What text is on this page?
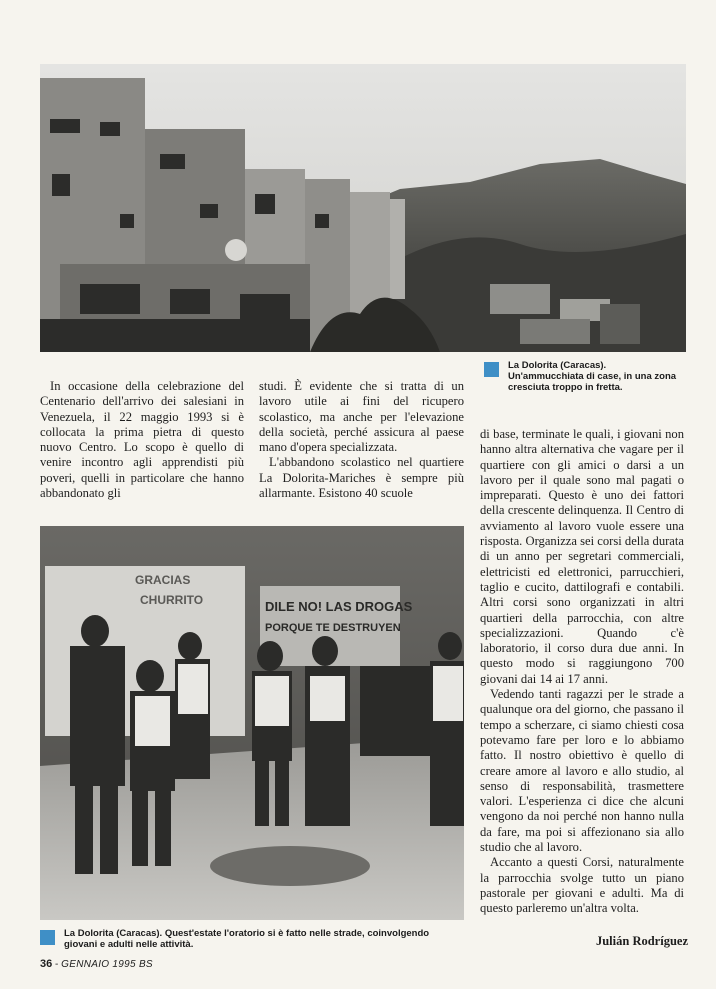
La Dolorita (Caracas).
Un'ammucchiata di case, in una zona cresciuta troppo in fretta.

In occasione della celebrazione del Centenario dell'arrivo dei salesiani in Venezuela, il 22 maggio 1993 si è collocata la prima pietra di questo nuovo Centro. Lo scopo è quello di venire incontro agli apprendisti più poveri, quelli in particolare che hanno abbandonato gli

studi. È evidente che si tratta di un lavoro utile ai fini del ricupero scolastico, ma anche per l'elevazione della società, perché assicura al paese mano d'opera specializzata.

L'abbandono scolastico nel quartiere La Dolorita-Mariches è sempre più allarmante. Esistono 40 scuole

GRACIAS
CHURRITO	DILE NO! LAS DROGAS
PORQUE TE DESTRUYEN

di base, terminate le quali, i giovani non hanno altra alternativa che vagare per il quartiere con gli amici o darsi a un lavoro per il quale sono mal pagati o impreparati. Questo è uno dei fattori della crescente delinquenza. Il Centro di avviamento al lavoro vuole essere una risposta. Organizza sei corsi della durata di un anno per segretari commerciali, elettricisti ed elettronici, parrucchieri, taglio e cucito, dattilografi e contabili. Altri corsi sono organizzati in altri quartieri della parrocchia, con altre specializzazioni. Quando c'è laboratorio, il corso dura due anni. In questo modo si raggiungono 700 giovani dai 14 ai 17 anni.

Vedendo tanti ragazzi per le strade a qualunque ora del giorno, che passano il tempo a scherzare, ci siamo chiesti cosa potevamo fare per loro e lo abbiamo fatto. Il nostro obiettivo è quello di creare amore al lavoro e allo studio, al senso di responsabilità, trasmettere valori. L'esperienza ci dice che alcuni vengono da noi perché non hanno nulla da fare, ma poi si affezionano sia allo studio che al lavoro.

Accanto a questi Corsi, naturalmente la parrocchia svolge tutto un piano pastorale per giovani e adulti. Ma di questo parleremo un'altra volta.

La Dolorita (Caracas). Quest'estate l'oratorio si è fatto nelle strade, coinvolgendo giovani e adulti nelle attività.	Julián Rodríguez
36 - GENNAIO 1995 BS
